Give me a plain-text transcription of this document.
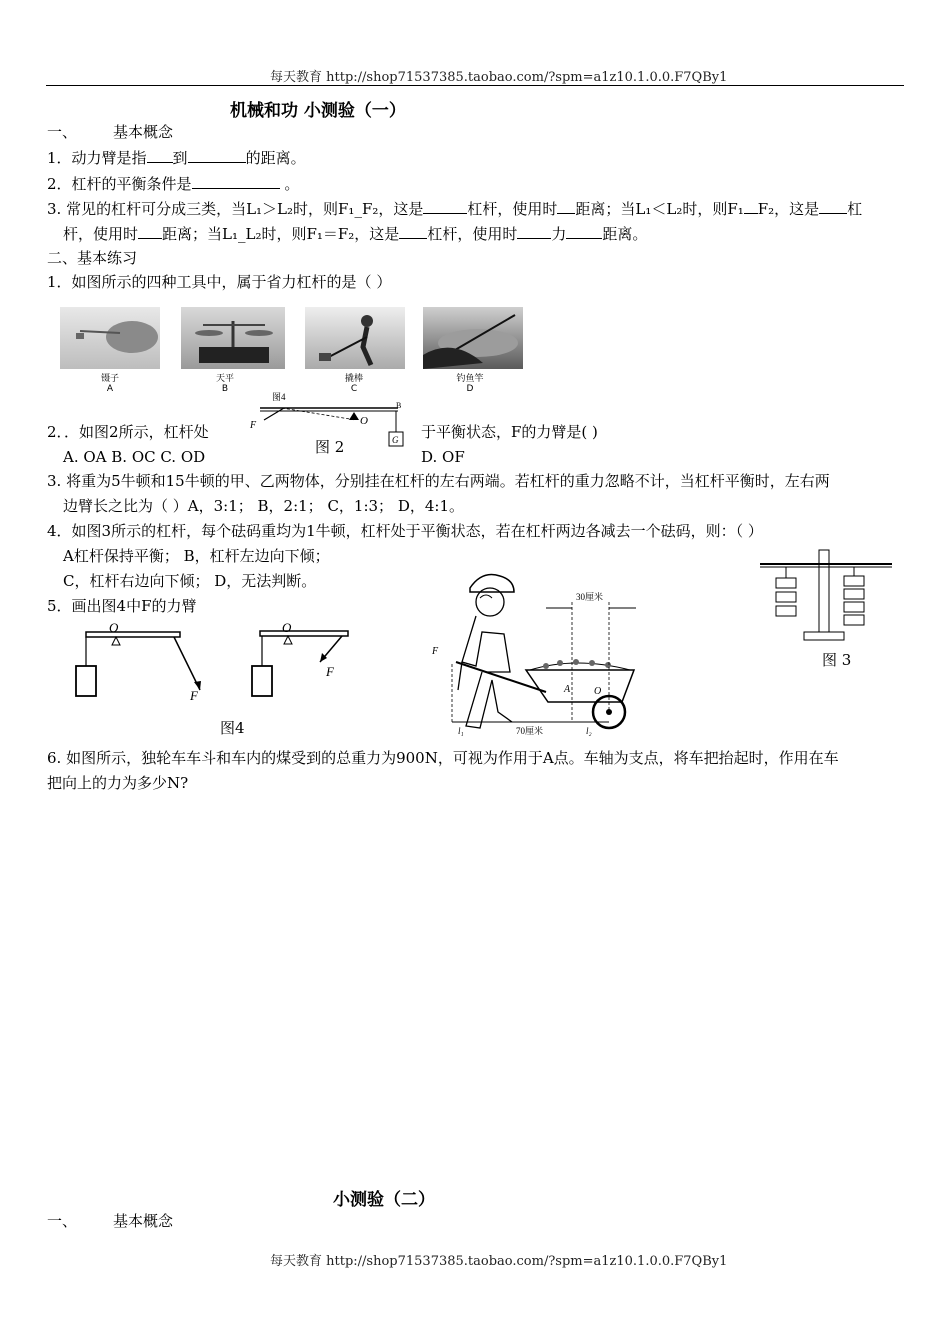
每天教育 http://shop71537385.taobao.com/?spm=a1z10.1.0.0.F7QBy1
机械和功 小测验（一）
一、 基本概念
1．动力臂是指 到	的距离。
2．杠杆的平衡条件是	。
3. 常见的杠杆可分成三类，当L₁＞L₂时，则F₁_F₂，这是	杠杆，使用时 距离；当L₁＜L₂时，则F₁ F₂，这是 杠
杆，使用时 距离；当L₁_L₂时，则F₁＝F₂，这是 杠杆，使用时 力 距离。
二、基本练习
1．如图所示的四种工具中，属于省力杠杆的是（ ）
镊子
A
天平
B
撬棒
C
钓鱼竿
D
2．．如图2所示，杠杆处
图4
G
F	O
B
图 2
于平衡状态，F的力臂是( )
A. OA B. OC C. OD	D. OF
3. 将重为5牛顿和15牛顿的甲、乙两物体，分别挂在杠杆的左右两端。若杠杆的重力忽略不计，当杠杆平衡时，左右两
边臂长之比为（ ）A，3:1； B，2:1； C，1:3； D，4:1。
4．如图3所示的杠杆，每个砝码重均为1牛顿，杠杆处于平衡状态，若在杠杆两边各减去一个砝码，则：（ ）
A杠杆保持平衡； B，杠杆左边向下倾；
C，杠杆右边向下倾； D，无法判断。
图 3
5．画出图4中F的力臂
O
F
O
F
图4
30厘米
70厘米
A O
F
l₁	l₂
6. 如图所示，独轮车车斗和车内的煤受到的总重力为900N，可视为作用于A点。车轴为支点，将车把抬起时，作用在车
把向上的力为多少N?
小测验（二）
一、 基本概念
每天教育 http://shop71537385.taobao.com/?spm=a1z10.1.0.0.F7QBy1
